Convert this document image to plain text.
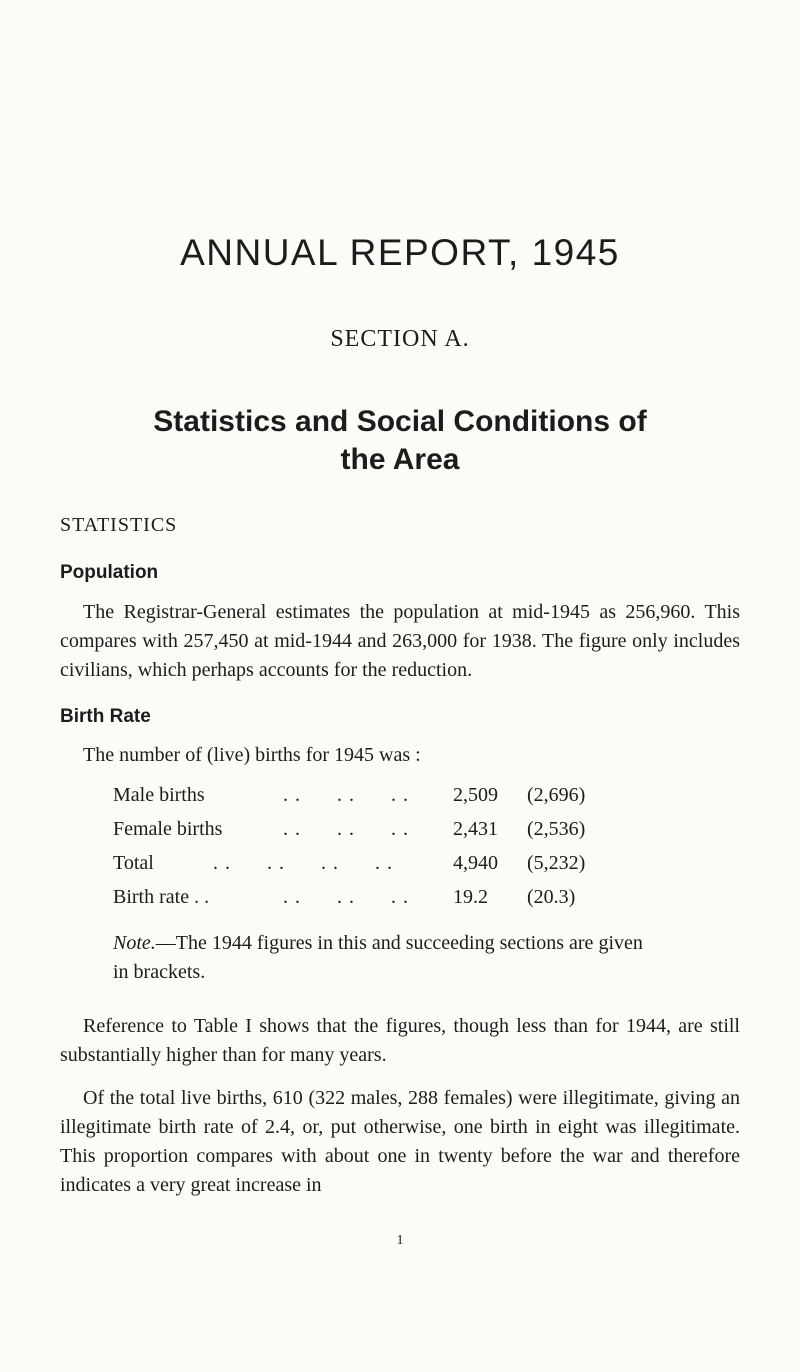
ANNUAL REPORT, 1945
SECTION A.
Statistics and Social Conditions of
the Area
STATISTICS
Population

The Registrar-General estimates the population at mid-1945 as 256,960. This compares with 257,450 at mid-1944 and 263,000 for 1938. The figure only includes civilians, which perhaps accounts for the reduction.

Birth Rate

The number of (live) births for 1945 was :

Male births	. .      . .      . . 2,509 (2,696)
Female births	. .      . .      . . 2,431 (2,536)
Total	. .      . .      . .      . .	4,940 (5,232)
Birth rate . .	. .      . .      . . 19.2 (20.3)

Note.—The 1944 figures in this and succeeding sections are given in brackets.

Reference to Table I shows that the figures, though less than for 1944, are still substantially higher than for many years.

Of the total live births, 610 (322 males, 288 females) were illegitimate, giving an illegitimate birth rate of 2.4, or, put otherwise, one birth in eight was illegitimate. This proportion compares with about one in twenty before the war and therefore indicates a very great increase in

1
